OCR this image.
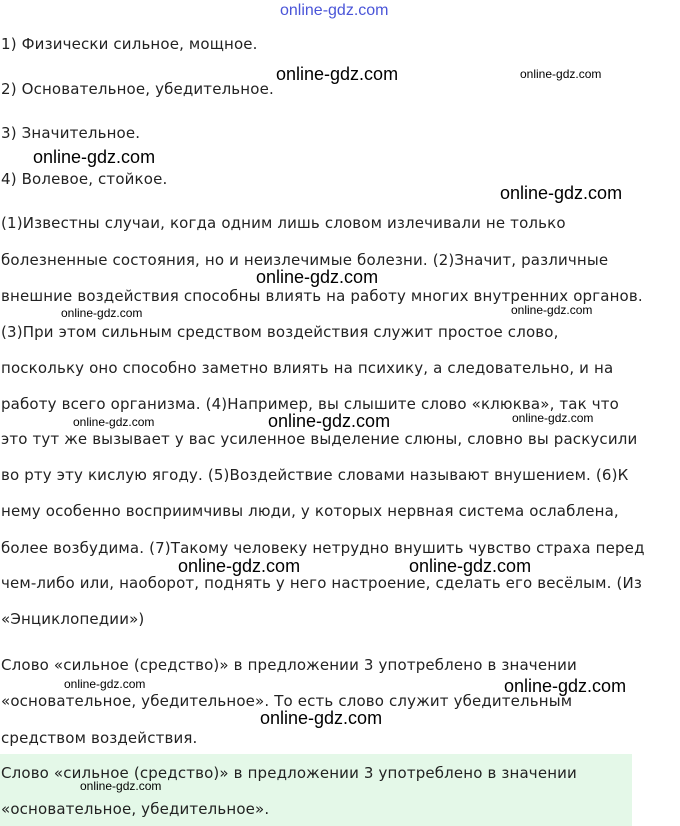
online-gdz.com
1) Физически сильное, мощное.
2) Основательное, убедительное.
3) Значительное.
4) Волевое, стойкое.
(1)Известны случаи, когда одним лишь словом излечивали не только
болезненные состояния, но и неизлечимые болезни. (2)Значит, различные
внешние воздействия способны влиять на работу многих внутренних органов.
(3)При этом сильным средством воздействия служит простое слово,
поскольку оно способно заметно влиять на психику, а следовательно, и на
работу всего организма. (4)Например, вы слышите слово «клюква», так что
это тут же вызывает у вас усиленное выделение слюны, словно вы раскусили
во рту эту кислую ягоду. (5)Воздействие словами называют внушением. (6)К
нему особенно восприимчивы люди, у которых нервная система ослаблена,
более возбудима. (7)Такому человеку нетрудно внушить чувство страха перед
чем-либо или, наоборот, поднять у него настроение, сделать его весёлым. (Из
«Энциклопедии»)
Слово «сильное (средство)» в предложении 3 употреблено в значении
«основательное, убедительное». То есть слово служит убедительным
средством воздействия.
Слово «сильное (средство)» в предложении 3 употреблено в значении
«основательное, убедительное».
online-gdz.com	online-gdz.com
online-gdz.com
online-gdz.com
online-gdz.com
online-gdz.com	online-gdz.com
online-gdz.com	online-gdz.com	online-gdz.com
online-gdz.com	online-gdz.com
online-gdz.com	online-gdz.com
online-gdz.com
online-gdz.com
